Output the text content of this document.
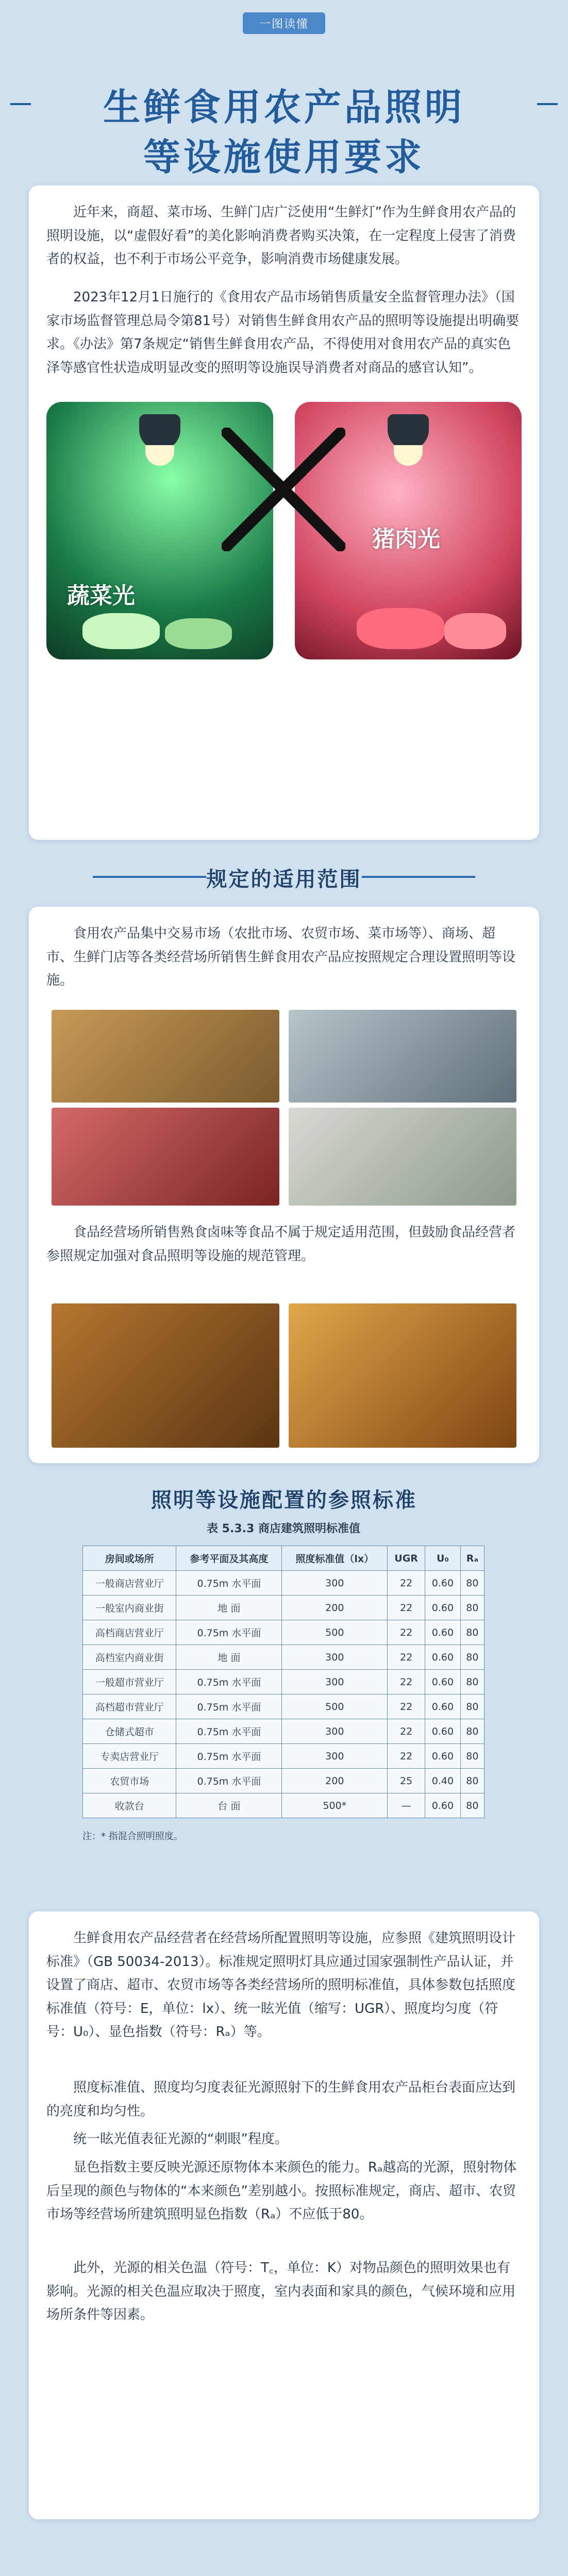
一图读懂
生鲜食用农产品照明
等设施使用要求

近年来，商超、菜市场、生鲜门店广泛使用“生鲜灯”作为生鲜食用农产品的照明设施，以“虚假好看”的美化影响消费者购买决策，在一定程度上侵害了消费者的权益，也不利于市场公平竞争，影响消费市场健康发展。

2023年12月1日施行的《食用农产品市场销售质量安全监督管理办法》（国家市场监督管理总局令第81号）对销售生鲜食用农产品的照明等设施提出明确要求。《办法》第7条规定“销售生鲜食用农产品，不得使用对食用农产品的真实色泽等感官性状造成明显改变的照明等设施误导消费者对商品的感官认知”。

蔬菜光
猪肉光
规定的适用范围

食用农产品集中交易市场（农批市场、农贸市场、菜市场等）、商场、超市、生鲜门店等各类经营场所销售生鲜食用农产品应按照规定合理设置照明等设施。

食品经营场所销售熟食卤味等食品不属于规定适用范围，但鼓励食品经营者参照规定加强对食品照明等设施的规范管理。

照明等设施配置的参照标准

生鲜食用农产品经营者在经营场所配置照明等设施，应参照《建筑照明设计标准》（GB 50034-2013）。标准规定照明灯具应通过国家强制性产品认证，并设置了商店、超市、农贸市场等各类经营场所的照明标准值，具体参数包括照度标准值（符号：E，单位：lx）、统一眩光值（缩写：UGR）、照度均匀度（符号：U₀）、显色指数（符号：Rₐ）等。

照度标准值、照度均匀度表征光源照射下的生鲜食用农产品柜台表面应达到的亮度和均匀性。

统一眩光值表征光源的“刺眼”程度。

显色指数主要反映光源还原物体本来颜色的能力。Rₐ越高的光源，照射物体后呈现的颜色与物体的“本来颜色”差别越小。按照标准规定，商店、超市、农贸市场等经营场所建筑照明显色指数（Rₐ）不应低于80。

此外，光源的相关色温（符号：T꜀，单位：K）对物品颜色的照明效果也有影响。光源的相关色温应取决于照度，室内表面和家具的颜色，气候环境和应用场所条件等因素。

表 5.3.3 商店建筑照明标准值
房间或场所	参考平面及其高度	照度标准值（lx）	UGR	U₀	Rₐ
一般商店营业厅	0.75m 水平面	300	22	0.60	80
一般室内商业街	地 面	200	22	0.60	80
高档商店营业厅	0.75m 水平面	500	22	0.60	80
高档室内商业街	地 面	300	22	0.60	80
一般超市营业厅	0.75m 水平面	300	22	0.60	80
高档超市营业厅	0.75m 水平面	500	22	0.60	80
仓储式超市	0.75m 水平面	300	22	0.60	80
专卖店营业厅	0.75m 水平面	300	22	0.60	80
农贸市场	0.75m 水平面	200	25	0.40	80
收款台	台 面	500*	—	0.60	80
注：* 指混合照明照度。
